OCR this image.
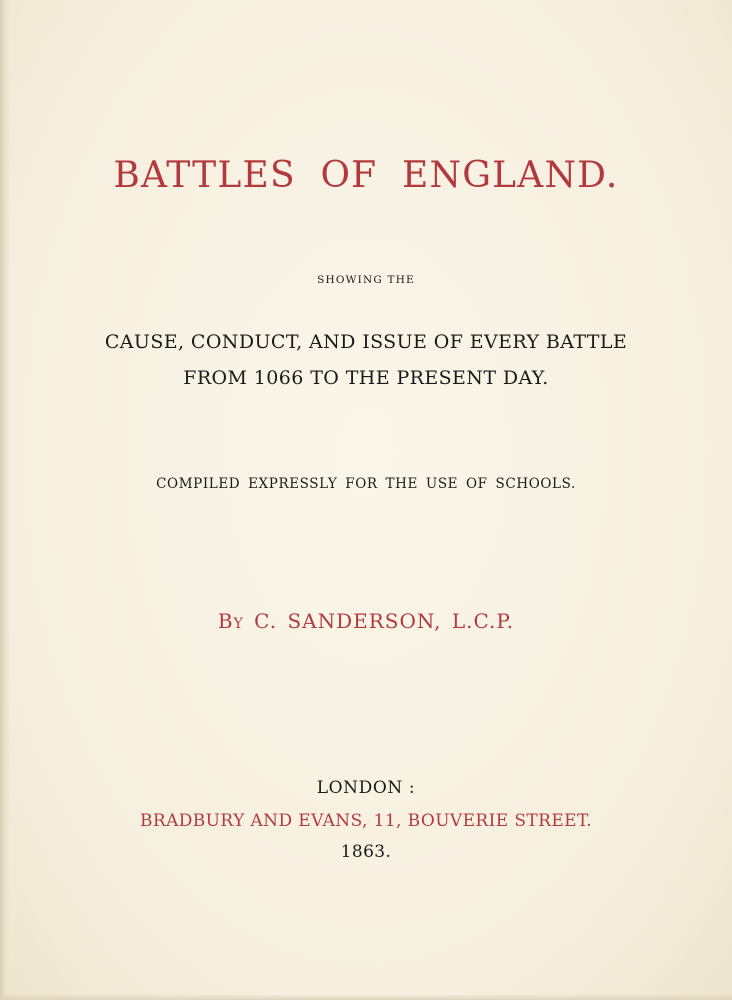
BATTLES OF ENGLAND.
SHOWING THE
CAUSE, CONDUCT, AND ISSUE OF EVERY BATTLE
FROM 1066 TO THE PRESENT DAY.
COMPILED EXPRESSLY FOR THE USE OF SCHOOLS.
BY C. SANDERSON, L.C.P.
LONDON :
BRADBURY AND EVANS, 11, BOUVERIE STREET.
1863.
